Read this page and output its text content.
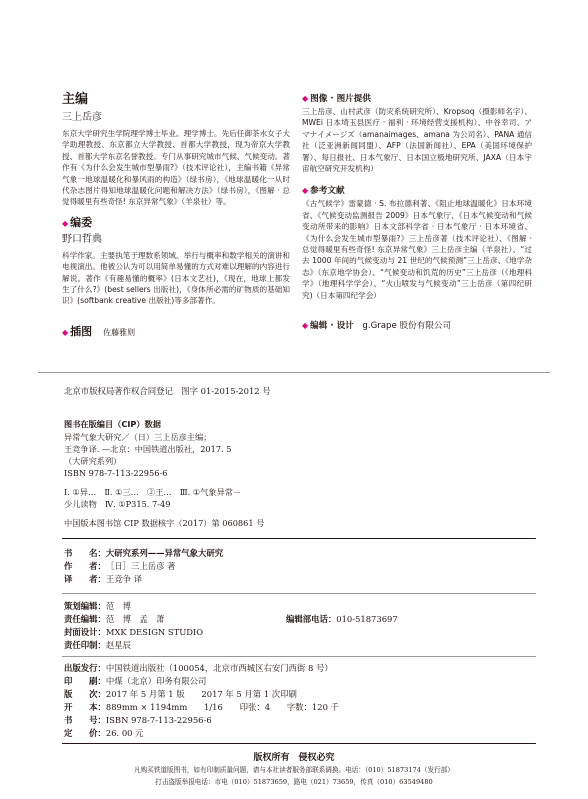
主编

三上岳彦

东京大学研究生学院理学博士毕业。理学博士。先后任御茶水女子大学助理教授、东京都立大学教授、首都大学教授，现为帝京大学教授、首都大学东京名誉教授。专门从事研究城市气候、气候变动。著作有《为什么会发生城市型暴雨?》（技术评论社），主编书籍《异常气象一地球温暖化和暴风雨的构造》（绿书房），《地球温暖化一从时代杂志图片得知地球温暖化问题和解决方法》（绿书房），《图解 · 总觉得暖里有些奇怪! 东京异常气象》（羊泉社）等。

◆ 编委

野口哲典

科学作家。主要执笔于理数系领域。举行与概率和数学相关的演讲和电视演出。他被公认为可以用简单易懂的方式对难以理解的内容进行解说。著作《有趣易懂的概率》(日本文艺社)，《现在，地球上都发生了什么?》(best sellers 出版社)，《身体所必需的矿物质的基础知识》(softbank creative 出版社)等多部著作。

◆ 插图　 佐藤雅则

◆ 图像 · 图片提供

三上岳彦、山村武彦（防灾系统研究所）、Kropsoq（摄影师名字）、MWEi 日本埼玉县医疗 · 福利 · 环境经营支援机构）、中谷幸司、アマナイメージズ（amanaimages、amana 为公司名）、PANA 通信社（泛亚洲新闻同盟）、AFP（法国新闻社）、EPA（美国环境保护署）、每日报社、日本气象厅、日本国立极地研究所、JAXA（日本宇宙航空研究开发机构）

◆ 参考文献

《古气候学》雷蒙德 · S. 布拉德利著、《阻止地球温暖化》日本环境省、《气候变动监测报告 2009》日本气象厅、《日本气候变动和气候变动所带来的影响》日本文部科学省 · 日本气象厅 · 日本环境省、《为什么会发生城市型暴雨?》三上岳彦著（技术评论社）、《图解 · 总觉得暖里有些奇怪! 东京异常气象》三上岳彦主编（羊泉社）、“过去 1000 年间的气候变动与 21 世纪的气候预测”三上岳彦、《地学杂志》（东京地学协会）、“气候变动和饥荒的历史”三上岳彦（《地理科学》（地理科学学会）、“火山喷发与气候变动”三上岳彦（第四纪研究)（日本第四纪学会）

◆ 编辑 · 设计　 g.Grape 股份有限公司

北京市版权局著作权合同登记　图字 01-2015-2012 号
图书在版编目（CIP）数据
异常气象大研究／（日）三上岳彦主编；
王竞争译. —北京：中国铁道出版社，2017. 5
（大研究系列）
ISBN 978-7-113-22956-6
Ⅰ. ①异…　Ⅱ. ①三…　②王…　Ⅲ. ①气象异常－
少儿读物　Ⅳ. ①P315. 7-49
中国版本图书馆 CIP 数据核字（2017）第 060861 号
书　　名：大研究系列——异常气象大研究
作　　者：［日］三上岳彦 著
译　　者：王竞争 译
策划编辑：范　博
责任编辑：范　博　孟　萧	编辑部电话：010-51873697
封面设计：MXK DESIGN STUDIO
责任印制：赵星辰
出版发行：中国铁道出版社（100054，北京市西城区右安门西街 8 号）
印　　刷：中煤（北京）印务有限公司
版　　次：2017 年 5 月第 1 版　　2017 年 5 月第 1 次印刷
开　　本：889mm × 1194mm　　1/16　　印张：4　　字数：120 千
书　　号：ISBN 978-7-113-22956-6
定　　价：26. 00 元
版权所有　侵权必究
凡购买铁道版图书，如有印制质量问题，请与本社读者服务部联系调换。电话：（010）51873174（发行部）
打击盗版举报电话：市电（010）51873659，路电（021）73659，传真（010）63549480
